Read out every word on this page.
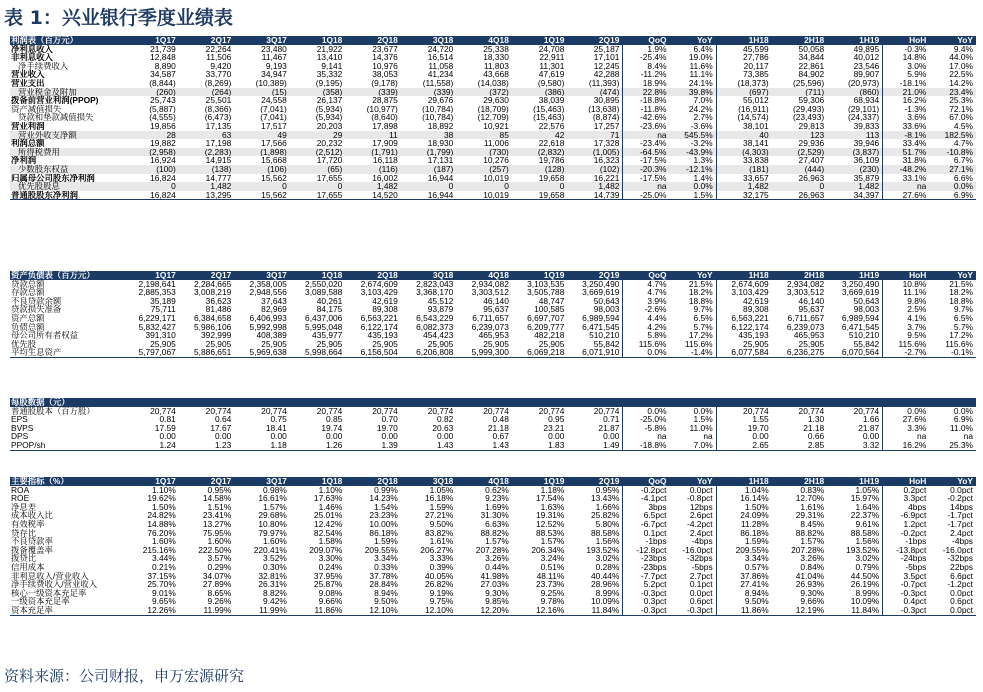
表 1：兴业银行季度业绩表
利润表（百万元）	1Q17	2Q17	3Q17	1Q18	2Q18	3Q18	4Q18	1Q19	2Q19	QoQ	YoY	1H18	2H18	1H19	HoH	YoY
净利息收入	21,739	22,264	23,480	21,922	23,677	24,720	25,338	24,708	25,187	1.9%	6.4%	45,599	50,058	49,895	-0.3%	9.4%
非利息收入	12,848	11,506	11,467	13,410	14,376	16,514	18,330	22,911	17,101	-25.4%	19.0%	27,786	34,844	40,012	14.8%	44.0%
净手续费收入	8,890	9,420	9,193	9,141	10,976	11,058	11,803	11,301	12,245	8.4%	11.6%	20,117	22,861	23,546	3.0%	17.0%
营业收入	34,587	33,770	34,947	35,332	38,053	41,234	43,668	47,619	42,288	-11.2%	11.1%	73,385	84,902	89,907	5.9%	22.5%
营业支出	(8,844)	(8,269)	(10,389)	(9,195)	(9,178)	(11,558)	(14,038)	(9,580)	(11,393)	18.9%	24.1%	(18,373)	(25,596)	(20,973)	-18.1%	14.2%
营业税金及附加	(260)	(264)	(15)	(358)	(339)	(339)	(372)	(386)	(474)	22.8%	39.8%	(697)	(711)	(860)	21.0%	23.4%
拨备前营业利润(PPOP)	25,743	25,501	24,558	26,137	28,875	29,676	29,630	38,039	30,895	-18.8%	7.0%	55,012	59,306	68,934	16.2%	25.3%
资产减值损失	(5,887)	(8,366)	(7,041)	(5,934)	(10,977)	(10,784)	(18,709)	(15,463)	(13,638)	-11.8%	24.2%	(16,911)	(29,493)	(29,101)	-1.3%	72.1%
贷款和垫款减值损失	(4,555)	(6,473)	(7,041)	(5,934)	(8,640)	(10,784)	(12,709)	(15,463)	(8,874)	-42.6%	2.7%	(14,574)	(23,493)	(24,337)	3.6%	67.0%
营业利润	19,856	17,135	17,517	20,203	17,898	18,892	10,921	22,576	17,257	-23.6%	-3.6%	38,101	29,813	39,833	33.6%	4.5%
营业外收支净额	28	63	49	29	11	38	85	42	71	na	545.5%	40	123	113	-8.1%	182.5%
利润总额	19,882	17,198	17,566	20,232	17,909	18,930	11,006	22,618	17,328	-23.4%	-3.2%	38,141	29,936	39,946	33.4%	4.7%
所得税费用	(2,958)	(2,283)	(1,898)	(2,512)	(1,791)	(1,799)	(730)	(2,832)	(1,005)	-64.5%	-43.9%	(4,303)	(2,529)	(3,837)	51.7%	-10.8%
净利润	16,924	14,915	15,668	17,720	16,118	17,131	10,276	19,786	16,323	-17.5%	1.3%	33,838	27,407	36,109	31.8%	6.7%
少数股东权益	(100)	(138)	(106)	(65)	(116)	(187)	(257)	(128)	(102)	-20.3%	-12.1%	(181)	(444)	(230)	-48.2%	27.1%
归属母公司股东净利润	16,824	14,777	15,562	17,655	16,002	16,944	10,019	19,658	16,221	-17.5%	1.4%	33,657	26,963	35,879	33.1%	6.6%
优先股股息	0	1,482	0	0	1,482	0	0	0	1,482	na	0.0%	1,482	0	1,482	na	0.0%
普通股股东净利润	16,824	13,295	15,562	17,655	14,520	16,944	10,019	19,658	14,739	-25.0%	1.5%	32,175	26,963	34,397	27.6%	6.9%
资产负债表（百万元）	1Q17	2Q17	3Q17	1Q18	2Q18	3Q18	4Q18	1Q19	2Q19	QoQ	YoY	1H18	2H18	1H19	HoH	YoY
贷款总额	2,198,641	2,284,665	2,358,005	2,550,020	2,674,609	2,823,043	2,934,082	3,103,535	3,250,490	4.7%	21.5%	2,674,609	2,934,082	3,250,490	10.8%	21.5%
存款总额	2,885,353	3,008,219	2,948,556	3,089,588	3,103,429	3,368,170	3,303,512	3,505,788	3,669,619	4.7%	18.2%	3,103,429	3,303,512	3,669,619	11.1%	18.2%
不良贷款余额	35,189	36,623	37,643	40,261	42,619	45,512	46,140	48,747	50,643	3.9%	18.8%	42,619	46,140	50,643	9.8%	18.8%
贷款损失准备	75,711	81,486	82,969	84,175	89,308	93,879	95,637	100,585	98,003	-2.6%	9.7%	89,308	95,637	98,003	2.5%	9.7%
资产总额	6,229,171	6,384,658	6,406,993	6,437,006	6,563,221	6,543,229	6,711,657	6,697,707	6,989,594	4.4%	6.5%	6,563,221	6,711,657	6,989,594	4.1%	6.5%
负债总额	5,832,427	5,986,106	5,992,998	5,995,048	6,122,174	6,082,373	6,239,073	6,209,777	6,471,545	4.2%	5.7%	6,122,174	6,239,073	6,471,545	3.7%	5.7%
母公司所有者权益	391,310	392,999	408,389	435,977	435,193	454,423	465,953	482,218	510,210	5.8%	17.2%	435,193	465,953	510,210	9.5%	17.2%
优先股	25,905	25,905	25,905	25,905	25,905	25,905	25,905	25,905	55,842	115.6%	115.6%	25,905	25,905	55,842	115.6%	115.6%
平均生息资产	5,797,067	5,886,651	5,969,638	5,998,664	6,156,504	6,206,808	5,999,300	6,069,218	6,071,910	0.0%	-1.4%	6,077,584	6,236,275	6,070,564	-2.7%	-0.1%
每股数据（元）																
普通股股本（百万股）	20,774	20,774	20,774	20,774	20,774	20,774	20,774	20,774	20,774	0.0%	0.0%	20,774	20,774	20,774	0.0%	0.0%
EPS	0.81	0.64	0.75	0.85	0.70	0.82	0.48	0.95	0.71	-25.0%	1.5%	1.55	1.30	1.66	27.6%	6.9%
BVPS	17.59	17.67	18.41	19.74	19.70	20.63	21.18	23.21	21.87	-5.8%	11.0%	19.70	21.18	21.87	3.3%	11.0%
DPS	0.00	0.00	0.00	0.00	0.00	0.00	0.67	0.00	0.00	na	na	0.00	0.66	0.00	na	na
PPOP/sh	1.24	1.23	1.18	1.26	1.39	1.43	1.43	1.83	1.49	-18.8%	7.0%	2.65	2.85	3.32	16.2%	25.3%
主要指标（%）	1Q17	2Q17	3Q17	1Q18	2Q18	3Q18	4Q18	1Q19	2Q19	QoQ	YoY	1H18	2H18	1H19	HoH	YoY
ROA	1.10%	0.95%	0.98%	1.10%	0.99%	1.05%	0.62%	1.18%	0.95%	-0.2pct	0.0pct	1.04%	0.83%	1.05%	0.2pct	0.0pct
ROE	19.62%	14.58%	16.61%	17.63%	14.23%	16.18%	9.23%	17.54%	13.43%	-4.1pct	-0.8pct	16.14%	12.70%	15.97%	3.3pct	-0.2pct
净息差	1.50%	1.51%	1.57%	1.46%	1.54%	1.59%	1.69%	1.63%	1.66%	3bps	12bps	1.50%	1.61%	1.64%	4bps	14bps
成本收入比	24.82%	23.41%	29.68%	25.01%	23.23%	27.21%	31.30%	19.31%	25.82%	6.5pct	2.6pct	24.09%	29.31%	22.37%	-6.9pct	-1.7pct
有效税率	14.88%	13.27%	10.80%	12.42%	10.00%	9.50%	6.63%	12.52%	5.80%	-6.7pct	-4.2pct	11.28%	8.45%	9.61%	1.2pct	-1.7pct
贷存比	76.20%	75.95%	79.97%	82.54%	86.18%	83.82%	88.82%	88.53%	88.58%	0.1pct	2.4pct	86.18%	88.82%	88.58%	-0.2pct	2.4pct
不良贷款率	1.60%	1.60%	1.60%	1.58%	1.59%	1.61%	1.57%	1.57%	1.56%	-1bps	-4bps	1.59%	1.57%	1.56%	-1bps	-4bps
拨备覆盖率	215.16%	222.50%	220.41%	209.07%	209.55%	206.27%	207.28%	206.34%	193.52%	-12.8pct	-16.0pct	209.55%	207.28%	193.52%	-13.8pct	-16.0pct
拨贷比	3.44%	3.57%	3.52%	3.30%	3.34%	3.33%	3.26%	3.24%	3.02%	-23bps	-32bps	3.34%	3.26%	3.02%	-24bps	-32bps
信用成本	0.21%	0.29%	0.30%	0.24%	0.33%	0.39%	0.44%	0.51%	0.28%	-23bps	-5bps	0.57%	0.84%	0.79%	-5bps	22bps
非利息收入/营业收入	37.15%	34.07%	32.81%	37.95%	37.78%	40.05%	41.98%	48.11%	40.44%	-7.7pct	2.7pct	37.86%	41.04%	44.50%	3.5pct	6.6pct
净手续费收入/营业收入	25.70%	27.89%	26.31%	25.87%	28.84%	26.82%	27.03%	23.73%	28.96%	5.2pct	0.1pct	27.41%	26.93%	26.19%	-0.7pct	-1.2pct
核心一级资本充足率	9.01%	8.65%	8.82%	9.08%	8.94%	9.19%	9.30%	9.25%	8.99%	-0.3pct	0.0pct	8.94%	9.30%	8.99%	-0.3pct	0.0pct
一级资本充足率	9.65%	9.26%	9.42%	9.66%	9.50%	9.75%	9.85%	9.78%	10.09%	0.3pct	0.6pct	9.50%	9.66%	10.09%	0.4pct	0.6pct
资本充足率	12.26%	11.99%	11.99%	11.86%	12.10%	12.10%	12.20%	12.16%	11.84%	-0.3pct	-0.3pct	11.86%	12.19%	11.84%	-0.3pct	0.0pct
资料来源：公司财报，申万宏源研究
